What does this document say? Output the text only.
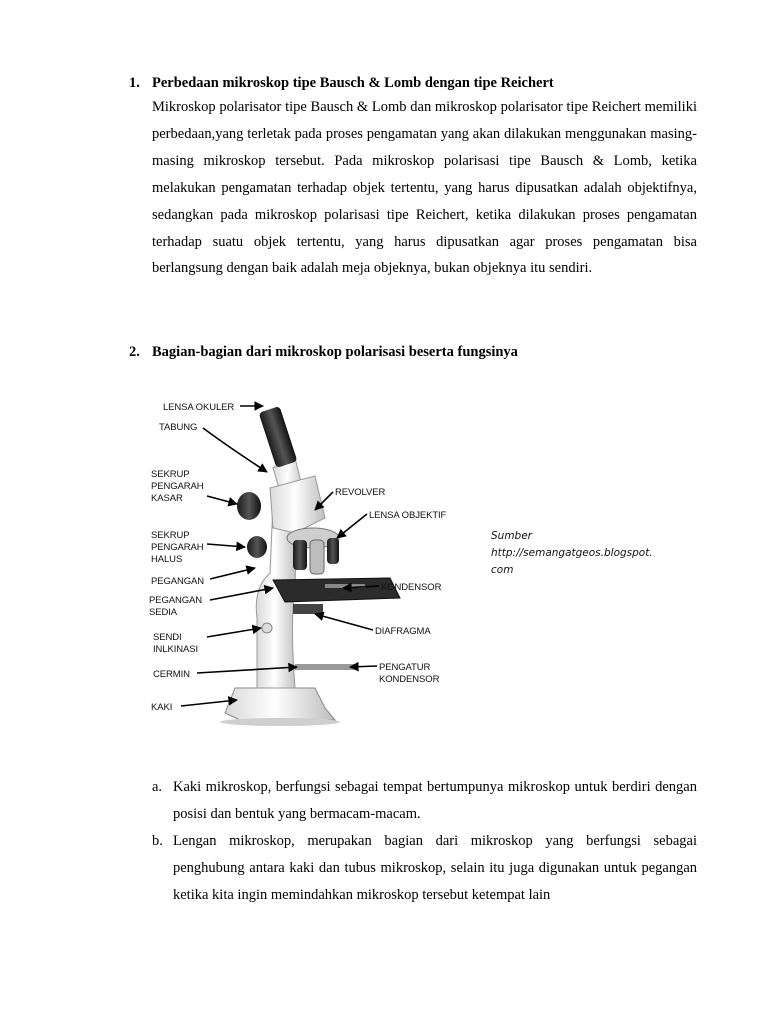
1. Perbedaan mikroskop tipe Bausch & Lomb dengan tipe Reichert

Mikroskop polarisator tipe Bausch & Lomb dan mikroskop polarisator tipe Reichert memiliki perbedaan,yang terletak pada proses pengamatan yang akan dilakukan menggunakan masing-masing mikroskop tersebut. Pada mikroskop polarisasi tipe Bausch & Lomb, ketika melakukan pengamatan terhadap objek tertentu, yang harus dipusatkan adalah objektifnya, sedangkan pada mikroskop polarisasi tipe Reichert, ketika dilakukan proses pengamatan terhadap suatu objek tertentu, yang harus dipusatkan agar proses pengamatan bisa berlangsung dengan baik adalah meja objeknya, bukan objeknya itu sendiri.

2. Bagian-bagian dari mikroskop polarisasi beserta fungsinya
LENSA OKULER
TABUNG
SEKRUP
PENGARAH
KASAR
REVOLVER
LENSA OBJEKTIF
SEKRUP
PENGARAH
HALUS
PEGANGAN
KONDENSOR
PEGANGAN
SEDIA
DIAFRAGMA
SENDI
INLKINASI
CERMIN
PENGATUR
KONDENSOR
KAKI

Sumber
http://semangatgeos.blogspot.
com

a. Kaki mikroskop, berfungsi sebagai tempat bertumpunya mikroskop untuk berdiri dengan posisi dan bentuk yang bermacam-macam.
b. Lengan mikroskop, merupakan bagian dari mikroskop yang berfungsi sebagai penghubung antara kaki dan tubus mikroskop, selain itu juga digunakan untuk pegangan ketika kita ingin memindahkan mikroskop tersebut ketempat lain
